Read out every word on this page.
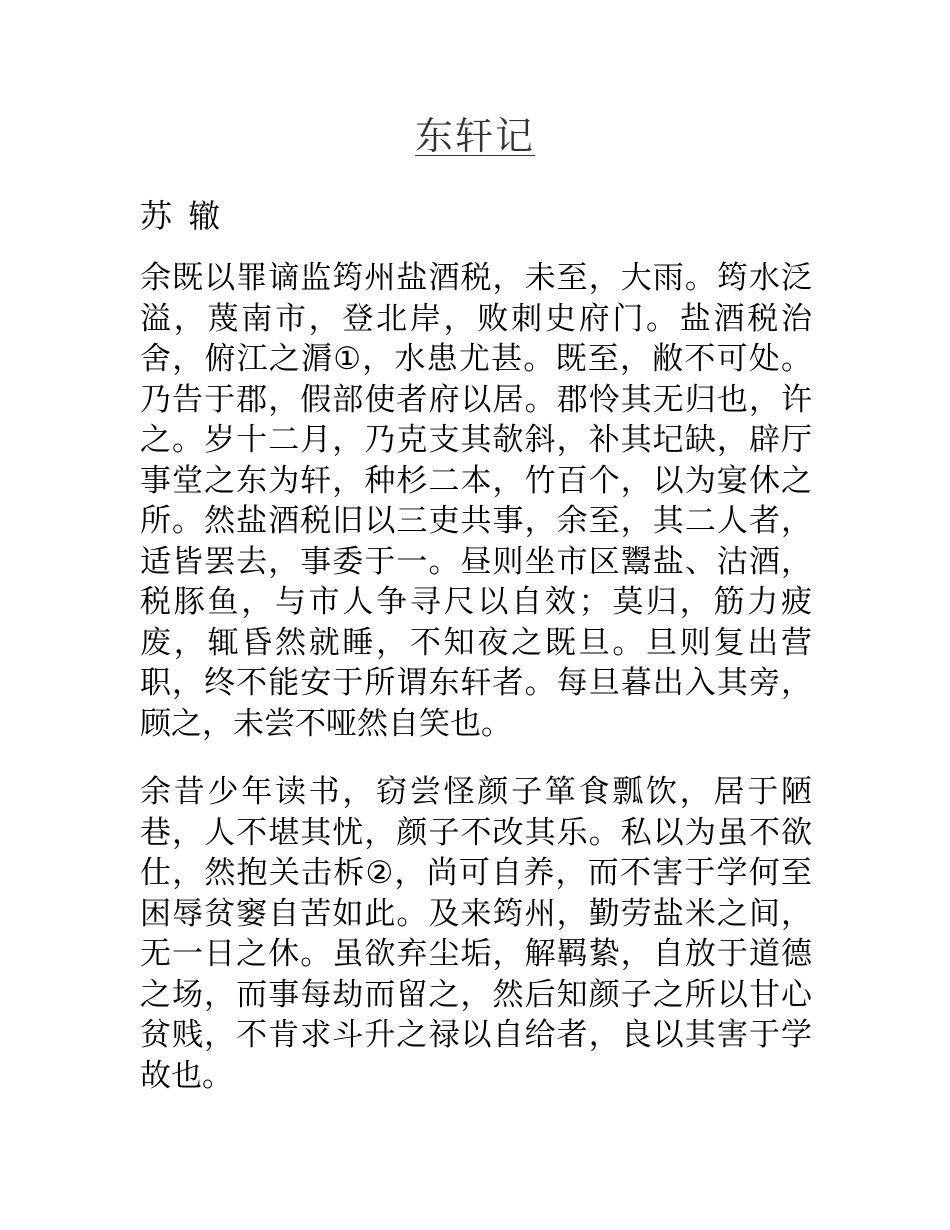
东轩记
苏 辙

余既以罪谪监筠州盐酒税，未至，大雨。筠水泛溢，蔑南市，登北岸，败刺史府门。盐酒税治舍，俯江之漘①，水患尤甚。既至，敝不可处。乃告于郡，假部使者府以居。郡怜其无归也，许之。岁十二月，乃克支其欹斜，补其圮缺，辟厅事堂之东为轩，种杉二本，竹百个，以为宴休之所。然盐酒税旧以三吏共事，余至，其二人者，适皆罢去，事委于一。昼则坐市区鬻盐、沽酒，税豚鱼，与市人争寻尺以自效；莫归，筋力疲废，辄昏然就睡，不知夜之既旦。旦则复出营职，终不能安于所谓东轩者。每旦暮出入其旁，顾之，未尝不哑然自笑也。

余昔少年读书，窃尝怪颜子箪食瓢饮，居于陋巷，人不堪其忧，颜子不改其乐。私以为虽不欲仕，然抱关击柝②，尚可自养，而不害于学何至困辱贫窭自苦如此。及来筠州，勤劳盐米之间，无一日之休。虽欲弃尘垢，解羁絷，自放于道德之场，而事每劫而留之，然后知颜子之所以甘心贫贱，不肯求斗升之禄以自给者，良以其害于学故也。
